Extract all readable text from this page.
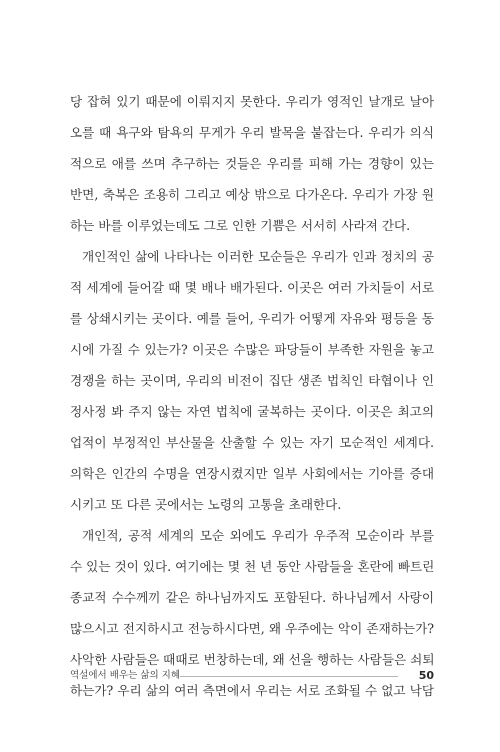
당 잡혀 있기 때문에 이뤄지지 못한다. 우리가 영적인 날개로 날아
오를 때 욕구와 탐욕의 무게가 우리 발목을 붙잡는다. 우리가 의식
적으로 애를 쓰며 추구하는 것들은 우리를 피해 가는 경향이 있는
반면, 축복은 조용히 그리고 예상 밖으로 다가온다. 우리가 가장 원
하는 바를 이루었는데도 그로 인한 기쁨은 서서히 사라져 간다.
개인적인 삶에 나타나는 이러한 모순들은 우리가 인과 정치의 공
적 세계에 들어갈 때 몇 배나 배가된다. 이곳은 여러 가치들이 서로
를 상쇄시키는 곳이다. 예를 들어, 우리가 어떻게 자유와 평등을 동
시에 가질 수 있는가? 이곳은 수많은 파당들이 부족한 자원을 놓고
경쟁을 하는 곳이며, 우리의 비전이 집단 생존 법칙인 타협이나 인
정사정 봐 주지 않는 자연 법칙에 굴복하는 곳이다. 이곳은 최고의
업적이 부정적인 부산물을 산출할 수 있는 자기 모순적인 세계다.
의학은 인간의 수명을 연장시켰지만 일부 사회에서는 기아를 증대
시키고 또 다른 곳에서는 노령의 고통을 초래한다.
개인적, 공적 세계의 모순 외에도 우리가 우주적 모순이라 부를
수 있는 것이 있다. 여기에는 몇 천 년 동안 사람들을 혼란에 빠트린
종교적 수수께끼 같은 하나님까지도 포함된다. 하나님께서 사랑이
많으시고 전지하시고 전능하시다면, 왜 우주에는 악이 존재하는가?
사악한 사람들은 때때로 번창하는데, 왜 선을 행하는 사람들은 쇠퇴
하는가? 우리 삶의 여러 측면에서 우리는 서로 조화될 수 없고 낙담
역설에서 배우는 삶의 지혜	50
